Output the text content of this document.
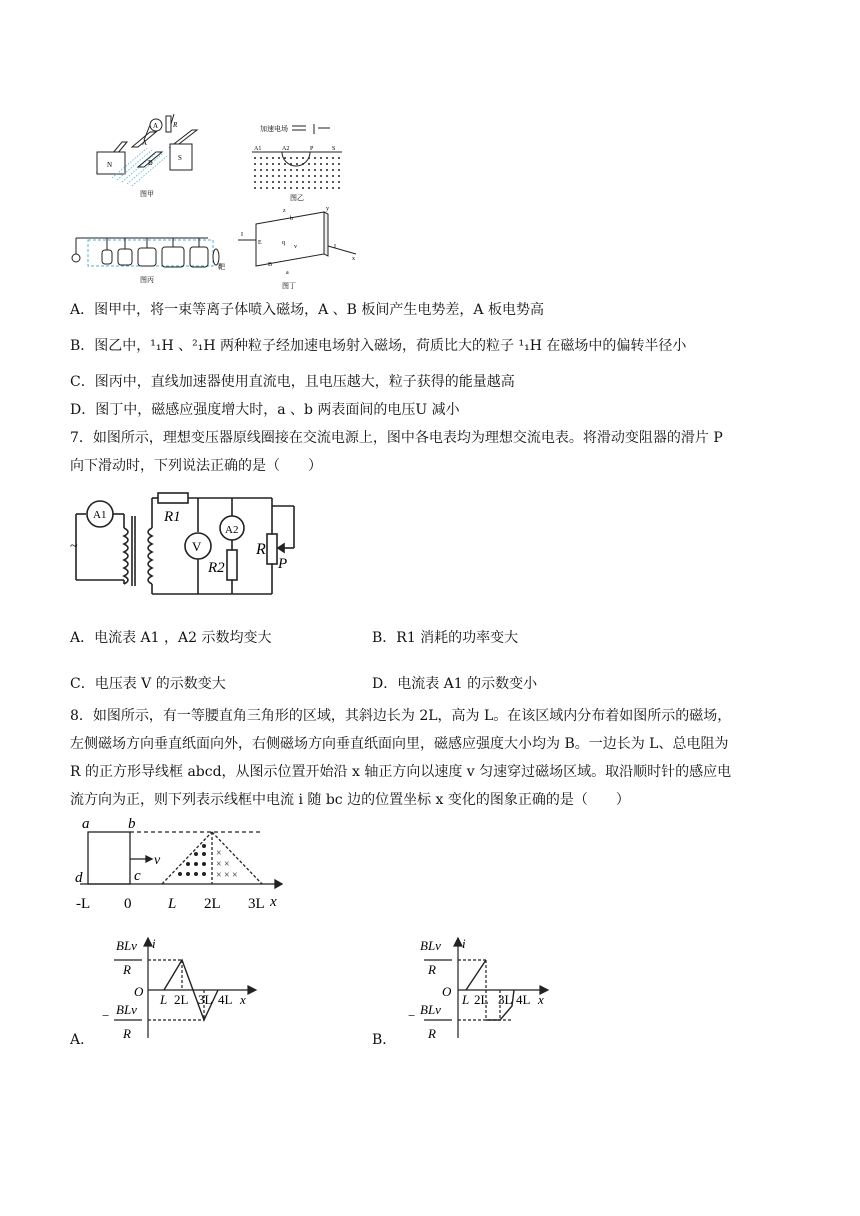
A R
N
A
B
S
图甲
加速电场
A1	A2	P	S
图乙
靶
图丙
z
b
y
I
E	q
v
B
I
x
a
图丁
A．图甲中，将一束等离子体喷入磁场，A 、B 板间产生电势差，A 板电势高
B．图乙中，¹₁H 、²₁H 两种粒子经加速电场射入磁场，荷质比大的粒子 ¹₁H 在磁场中的偏转半径小
C．图丙中，直线加速器使用直流电，且电压越大，粒子获得的能量越高
D．图丁中，磁感应强度增大时，a 、b 两表面间的电压U 减小
7．如图所示，理想变压器原线圈接在交流电源上，图中各电表均为理想交流电表。将滑动变阻器的滑片 P
向下滑动时，下列说法正确的是（　　）
A1	R1
V
A2
R2
R
P
~
A．电流表 A1 ，A2 示数均变大	B．R1 消耗的功率变大
C．电压表 V 的示数变大	D．电流表 A1 的示数变小
8．如图所示，有一等腰直角三角形的区域，其斜边长为 2L，高为 L。在该区域内分布着如图所示的磁场，
左侧磁场方向垂直纸面向外，右侧磁场方向垂直纸面向里，磁感应强度大小均为 B。一边长为 L、总电阻为
R 的正方形导线框 abcd，从图示位置开始沿 x 轴正方向以速度 v 匀速穿过磁场区域。取沿顺时针的感应电
流方向为正，则下列表示线框中电流 i 随 bc 边的位置坐标 x 变化的图象正确的是（　　）
×
× ×
× × ×
a	b
d	c
v
-L 0 L 2L 3L x
BLv
R
i
O
L 2L 3L 4L x
− BLv
R
A．
BLv
R
i
O
L 2L 3L 4L x
− BLv
R
B．
